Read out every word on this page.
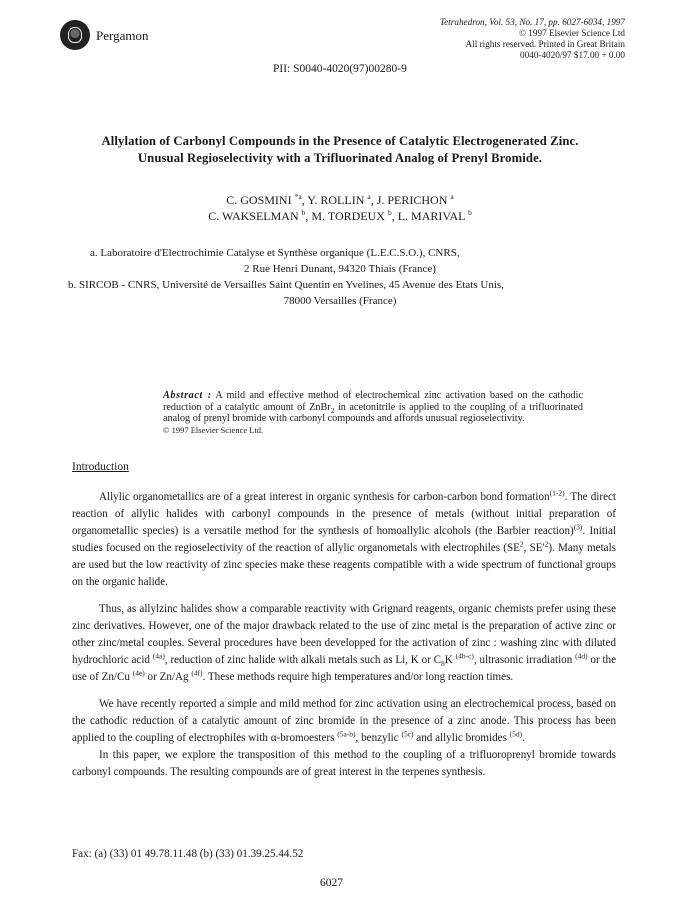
Pergamon
Tetrahedron, Vol. 53, No. 17, pp. 6027-6034, 1997
© 1997 Elsevier Science Ltd
All rights reserved. Printed in Great Britain
0040-4020/97 $17.00 + 0.00
PII: S0040-4020(97)00280-9
Allylation of Carbonyl Compounds in the Presence of Catalytic Electrogenerated Zinc.
Unusual Regioselectivity with a Trifluorinated Analog of Prenyl Bromide.
C. GOSMINI $^{*a}$, Y. ROLLIN $^a$, J. PERICHON $^a$
C. WAKSELMAN $^b$, M. TORDEUX $^b$, L. MARIVAL $^b$
a. Laboratoire d'Electrochimie Catalyse et Synthèse organique (L.E.C.S.O.), CNRS,
2 Rue Henri Dunant, 94320 Thiais (France)
b. SIRCOB - CNRS, Université de Versailles Saint Quentin en Yvelines, 45 Avenue des Etats Unis,
78000 Versailles (France)
Abstract : A mild and effective method of electrochemical zinc activation based on the cathodic reduction of a catalytic amount of ZnBr$_2$ in acetonitrile is applied to the coupling of a trifluorinated analog of prenyl bromide with carbonyl compounds and affords unusual regioselectivity.
© 1997 Elsevier Science Ltd.
Introduction

Allylic organometallics are of a great interest in organic synthesis for carbon-carbon bond formation$^{(1-2)}$. The direct reaction of allylic halides with carbonyl compounds in the presence of metals (without initial preparation of organometallic species) is a versatile method for the synthesis of homoallylic alcohols (the Barbier reaction)$^{(3)}$. Initial studies focused on the regioselectivity of the reaction of allylic organometals with electrophiles ($SE^2$, $SE'^2$). Many metals are used but the low reactivity of zinc species make these reagents compatible with a wide spectrum of functional groups on the organic halide.

Thus, as allylzinc halides show a comparable reactivity with Grignard reagents, organic chemists prefer using these zinc derivatives. However, one of the major drawback related to the use of zinc metal is the preparation of active zinc or other zinc/metal couples. Several procedures have been developped for the activation of zinc : washing zinc with diluted hydrochloric acid $^{(4a)}$, reduction of zinc halide with alkali metals such as Li, K or $C_8K$ $^{(4b-c)}$, ultrasonic irradiation $^{(4d)}$ or the use of Zn/Cu $^{(4e)}$ or Zn/Ag $^{(4f)}$. These methods require high temperatures and/or long reaction times.

We have recently reported a simple and mild method for zinc activation using an electrochemical process, based on the cathodic reduction of a catalytic amount of zinc bromide in the presence of a zinc anode. This process has been applied to the coupling of electrophiles with α-bromoesters $^{(5a-b)}$, benzylic $^{(5c)}$ and allylic bromides $^{(5d)}$.

In this paper, we explore the transposition of this method to the coupling of a trifluoroprenyl bromide towards carbonyl compounds. The resulting compounds are of great interest in the terpenes synthesis.

Fax: (a) (33) 01 49.78.11.48 (b) (33) 01.39.25.44.52
6027
